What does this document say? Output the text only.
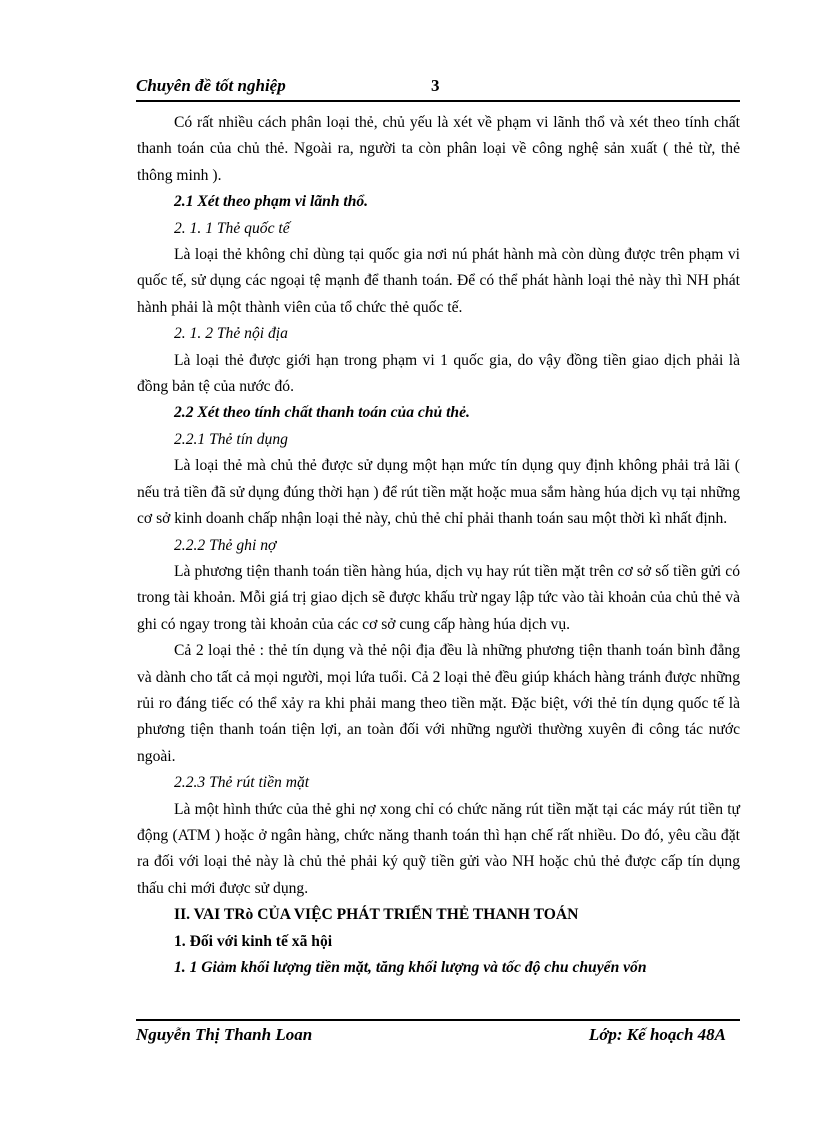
Chuyên đề tốt nghiệp	3

Có rất nhiều cách phân loại thẻ, chủ yếu là xét về phạm vi lãnh thổ và xét theo tính chất thanh toán của chủ thẻ. Ngoài ra, người ta còn phân loại về công nghệ sản xuất ( thẻ từ, thẻ thông minh ).

2.1 Xét theo phạm vi lãnh thổ.

2. 1. 1 Thẻ quốc tế

Là loại thẻ không chỉ dùng tại quốc gia nơi nú phát hành mà còn dùng được trên phạm vi quốc tế, sử dụng các ngoại tệ mạnh để thanh toán. Để có thể phát hành loại thẻ này thì NH phát hành phải là một thành viên của tổ chức thẻ quốc tế.

2. 1. 2 Thẻ nội địa

Là loại thẻ được giới hạn trong phạm vi 1 quốc gia, do vậy đồng tiền giao dịch phải là đồng bản tệ của nước đó.

2.2 Xét theo tính chất thanh toán của chủ thẻ.

2.2.1 Thẻ tín dụng

Là loại thẻ mà chủ thẻ được sử dụng một hạn mức tín dụng quy định không phải trả lãi ( nếu trả tiền đã sử dụng đúng thời hạn ) để rút tiền mặt hoặc mua sắm hàng húa dịch vụ tại những cơ sở kinh doanh chấp nhận loại thẻ này, chủ thẻ chỉ phải thanh toán sau một thời kì nhất định.

2.2.2 Thẻ ghi nợ

Là phương tiện thanh toán tiền hàng húa, dịch vụ hay rút tiền mặt trên cơ sở số tiền gửi có trong tài khoản. Mỗi giá trị giao dịch sẽ được khấu trừ ngay lập tức vào tài khoản của chủ thẻ và ghi có ngay trong tài khoản của các cơ sở cung cấp hàng húa dịch vụ.

Cả 2 loại thẻ : thẻ tín dụng và thẻ nội địa đều là những phương tiện thanh toán bình đẳng và dành cho tất cả mọi người, mọi lứa tuổi. Cả 2 loại thẻ đều giúp khách hàng tránh được những rủi ro đáng tiếc có thể xảy ra khi phải mang theo tiền mặt. Đặc biệt, với thẻ tín dụng quốc tế là phương tiện thanh toán tiện lợi, an toàn đối với những người thường xuyên đi công tác nước ngoài.

2.2.3 Thẻ rút tiền mặt

Là một hình thức của thẻ ghi nợ xong chỉ có chức năng rút tiền mặt tại các máy rút tiền tự động (ATM ) hoặc ở ngân hàng, chức năng thanh toán thì hạn chế rất nhiều. Do đó, yêu cầu đặt ra đối với loại thẻ này là chủ thẻ phải ký quỹ tiền gửi vào NH hoặc chủ thẻ được cấp tín dụng thấu chi mới được sử dụng.

II. VAI TRò CỦA VIỆC PHÁT TRIỂN THẺ THANH TOÁN

1. Đối với kinh tế xã hội

1. 1 Giảm khối lượng tiền mặt, tăng khối lượng và tốc độ chu chuyển vốn

Nguyễn Thị Thanh Loan	Lớp: Kế hoạch 48A
